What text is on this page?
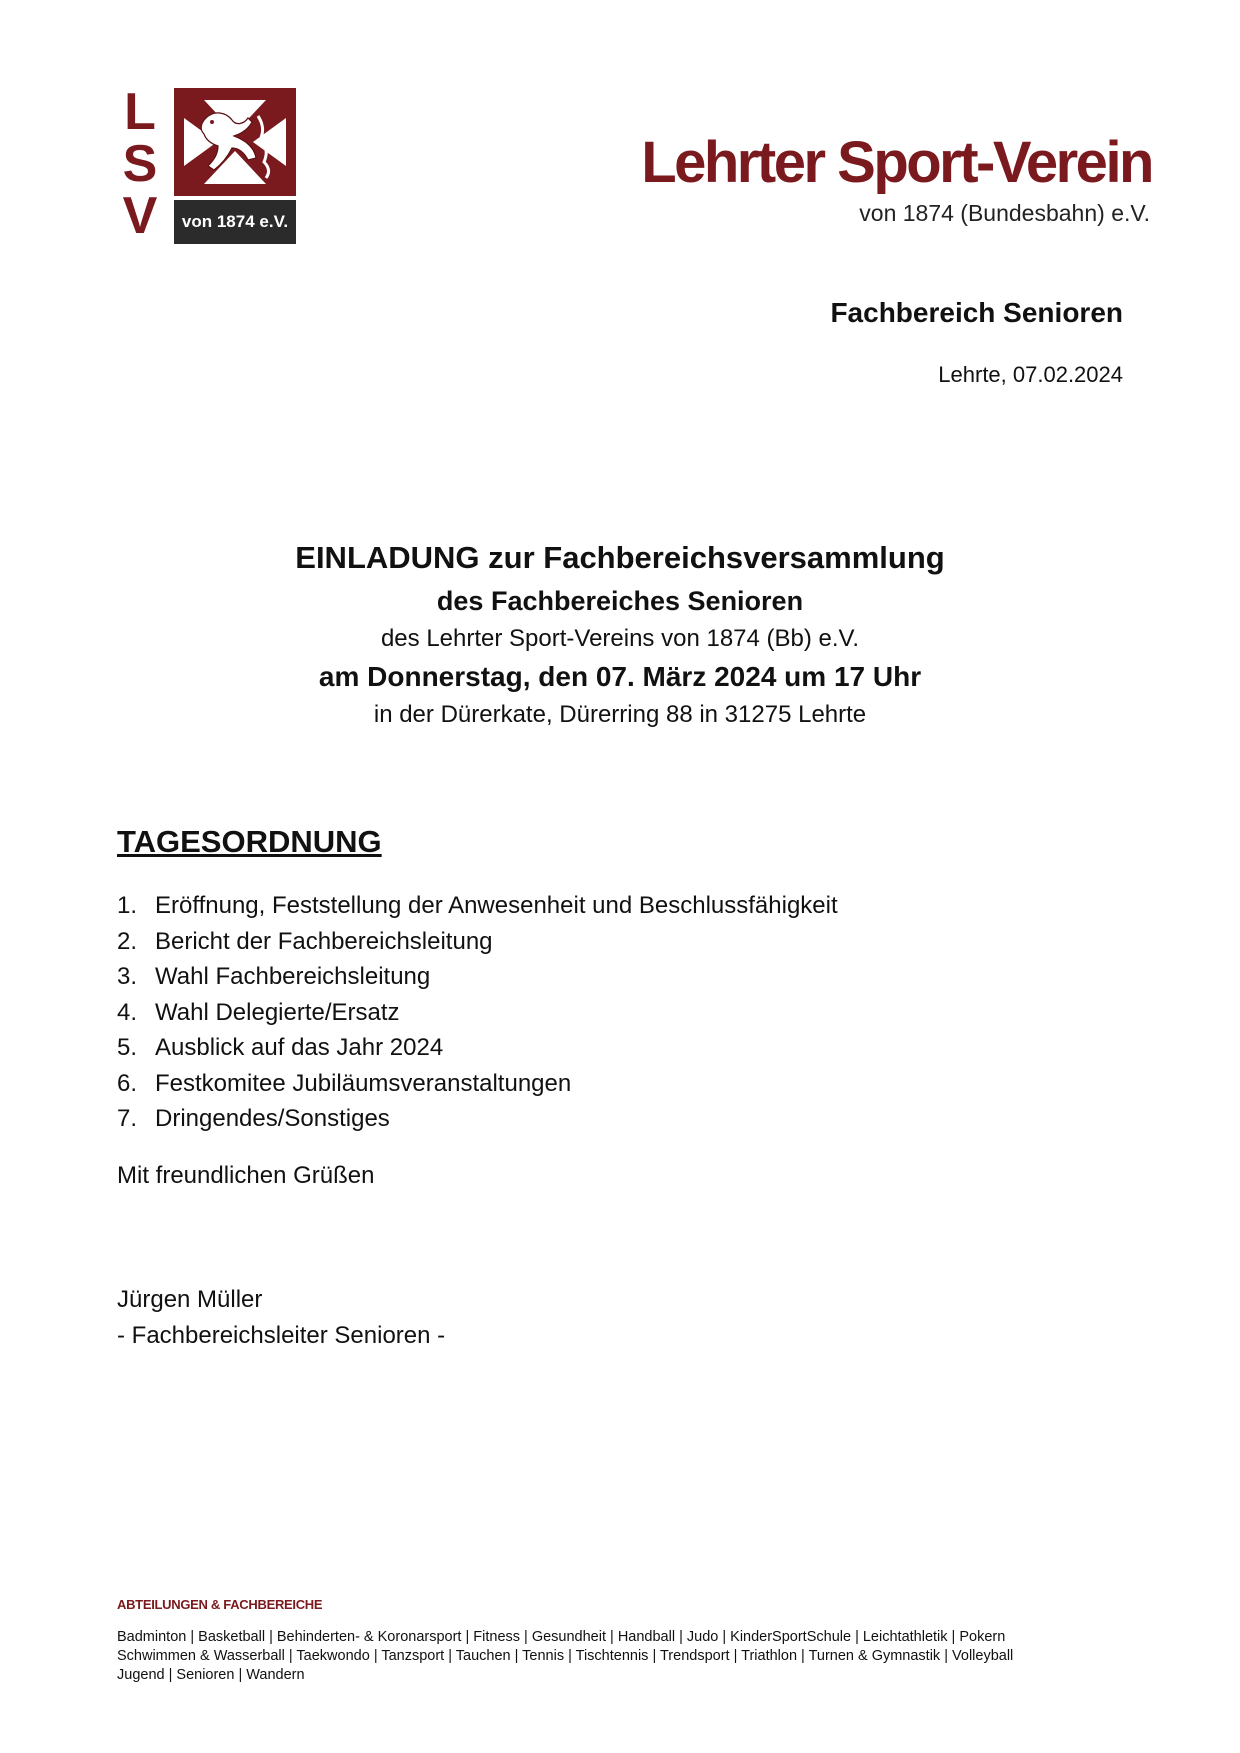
L
S
V	von 1874 e.V.
Lehrter Sport-Verein
von 1874 (Bundesbahn) e.V.
Fachbereich Senioren
Lehrte, 07.02.2024
EINLADUNG zur Fachbereichsversammlung
des Fachbereiches Senioren
des Lehrter Sport-Vereins von 1874 (Bb) e.V.
am Donnerstag, den 07. März 2024 um 17 Uhr
in der Dürerkate, Dürerring 88 in 31275 Lehrte
TAGESORDNUNG
1. Eröffnung, Feststellung der Anwesenheit und Beschlussfähigkeit
2. Bericht der Fachbereichsleitung
3. Wahl Fachbereichsleitung
4. Wahl Delegierte/Ersatz
5. Ausblick auf das Jahr 2024
6. Festkomitee Jubiläumsveranstaltungen
7. Dringendes/Sonstiges
Mit freundlichen Grüßen
Jürgen Müller
- Fachbereichsleiter Senioren -
ABTEILUNGEN & FACHBEREICHE
Badminton | Basketball | Behinderten- & Koronarsport | Fitness | Gesundheit | Handball | Judo | KinderSportSchule | Leichtathletik | Pokern
Schwimmen & Wasserball | Taekwondo | Tanzsport | Tauchen | Tennis | Tischtennis | Trendsport | Triathlon | Turnen & Gymnastik | Volleyball
Jugend | Senioren | Wandern
